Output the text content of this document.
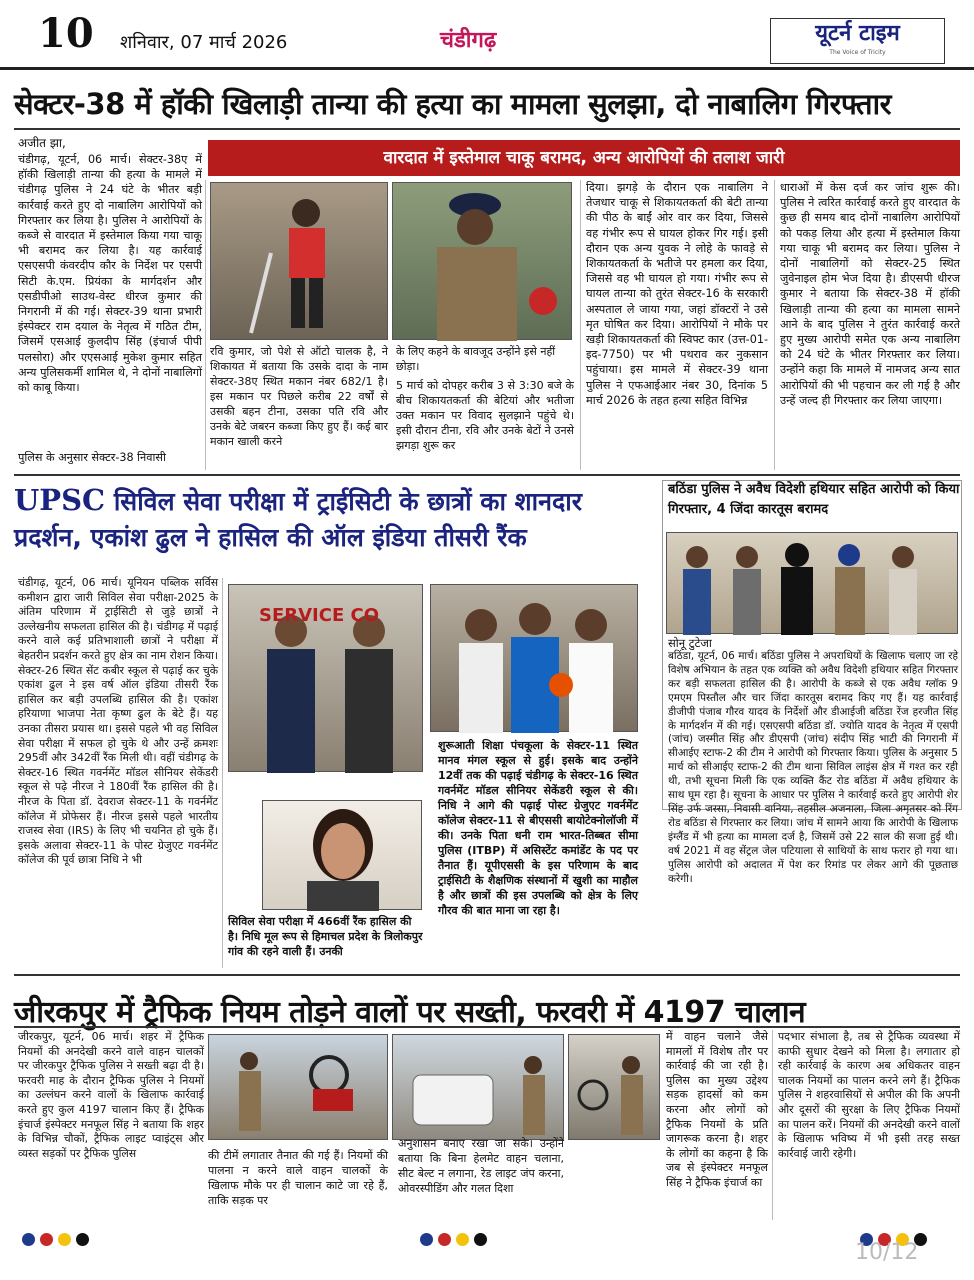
10 शनिवार, 07 मार्च 2026	चंडीगढ़	यूटर्न टाइम
The Voice of Tricity
सेक्टर-38 में हॉकी खिलाड़ी तान्या की हत्या का मामला सुलझा, दो नाबालिग गिरफ्तार
वारदात में इस्तेमाल चाकू बरामद, अन्य आरोपियों की तलाश जारी
अजीत झा,
चंडीगढ़, यूटर्न, 06 मार्च। सेक्टर-38ए में हॉकी खिलाड़ी तान्या की हत्या के मामले में चंडीगढ़ पुलिस ने 24 घंटे के भीतर बड़ी कार्रवाई करते हुए दो नाबालिग आरोपियों को गिरफ्तार कर लिया है। पुलिस ने आरोपियों के कब्जे से वारदात में इस्तेमाल किया गया चाकू भी बरामद कर लिया है। यह कार्रवाई एसएसपी कंवरदीप कौर के निर्देश पर एसपी सिटी के.एम. प्रियंका के मार्गदर्शन और एसडीपीओ साउथ-वेस्ट धीरज कुमार की निगरानी में की गई। सेक्टर-39 थाना प्रभारी इंस्पेक्टर राम दयाल के नेतृत्व में गठित टीम, जिसमें एसआई कुलदीप सिंह (इंचार्ज पीपी पलसोरा) और एएसआई मुकेश कुमार सहित अन्य पुलिसकर्मी शामिल थे, ने दोनों नाबालिगों को काबू किया।
पुलिस के अनुसार सेक्टर-38 निवासी
रवि कुमार, जो पेशे से ऑटो चालक है, ने शिकायत में बताया कि उसके दादा के नाम सेक्टर-38ए स्थित मकान नंबर 682/1 है। इस मकान पर पिछले करीब 22 वर्षों से उसकी बहन टीना, उसका पति रवि और उनके बेटे जबरन कब्जा किए हुए हैं। कई बार मकान खाली करने
के लिए कहने के बावजूद उन्होंने इसे नहीं छोड़ा।
5 मार्च को दोपहर करीब 3 से 3:30 बजे के बीच शिकायतकर्ता की बेटियां और भतीजा उक्त मकान पर विवाद सुलझाने पहुंचे थे। इसी दौरान टीना, रवि और उनके बेटों ने उनसे झगड़ा शुरू कर
दिया। झगड़े के दौरान एक नाबालिग ने तेजधार चाकू से शिकायतकर्ता की बेटी तान्या की पीठ के बाईं ओर वार कर दिया, जिससे वह गंभीर रूप से घायल होकर गिर गई। इसी दौरान एक अन्य युवक ने लोहे के फावड़े से शिकायतकर्ता के भतीजे पर हमला कर दिया, जिससे वह भी घायल हो गया। गंभीर रूप से घायल तान्या को तुरंत सेक्टर-16 के सरकारी अस्पताल ले जाया गया, जहां डॉक्टरों ने उसे मृत घोषित कर दिया। आरोपियों ने मौके पर खड़ी शिकायतकर्ता की स्विफ्ट कार (उत्त-01-इद-7750) पर भी पथराव कर नुकसान पहुंचाया। इस मामले में सेक्टर-39 थाना पुलिस ने एफआईआर नंबर 30, दिनांक 5 मार्च 2026 के तहत हत्या सहित विभिन्न
धाराओं में केस दर्ज कर जांच शुरू की। पुलिस ने त्वरित कार्रवाई करते हुए वारदात के कुछ ही समय बाद दोनों नाबालिग आरोपियों को पकड़ लिया और हत्या में इस्तेमाल किया गया चाकू भी बरामद कर लिया। पुलिस ने दोनों नाबालिगों को सेक्टर-25 स्थित जुवेनाइल होम भेज दिया है। डीएसपी धीरज कुमार ने बताया कि सेक्टर-38 में हॉकी खिलाड़ी तान्या की हत्या का मामला सामने आने के बाद पुलिस ने तुरंत कार्रवाई करते हुए मुख्य आरोपी समेत एक अन्य नाबालिग को 24 घंटे के भीतर गिरफ्तार कर लिया। उन्होंने कहा कि मामले में नामजद अन्य सात आरोपियों की भी पहचान कर ली गई है और उन्हें जल्द ही गिरफ्तार कर लिया जाएगा।
UPSC सिविल सेवा परीक्षा में ट्राईसिटी के छात्रों का शानदार प्रदर्शन, एकांश ढुल ने हासिल की ऑल इंडिया तीसरी रैंक
चंडीगढ़, यूटर्न, 06 मार्च। यूनियन पब्लिक सर्विस कमीशन द्वारा जारी सिविल सेवा परीक्षा-2025 के अंतिम परिणाम में ट्राईसिटी से जुड़े छात्रों ने उल्लेखनीय सफलता हासिल की है। चंडीगढ़ में पढ़ाई करने वाले कई प्रतिभाशाली छात्रों ने परीक्षा में बेहतरीन प्रदर्शन करते हुए क्षेत्र का नाम रोशन किया। सेक्टर-26 स्थित सेंट कबीर स्कूल से पढ़ाई कर चुके एकांश ढुल ने इस वर्ष ऑल इंडिया तीसरी रैंक हासिल कर बड़ी उपलब्धि हासिल की है। एकांश हरियाणा भाजपा नेता कृष्ण ढुल के बेटे हैं। यह उनका तीसरा प्रयास था। इससे पहले भी वह सिविल सेवा परीक्षा में सफल हो चुके थे और उन्हें क्रमशः 295वीं और 342वीं रैंक मिली थी। वहीं चंडीगढ़ के सेक्टर-16 स्थित गवर्नमेंट मॉडल सीनियर सेकेंडरी स्कूल से पढ़े नीरज ने 180वीं रैंक हासिल की है। नीरज के पिता डॉ. देवराज सेक्टर-11 के गवर्नमेंट कॉलेज में प्रोफेसर हैं। नीरज इससे पहले भारतीय राजस्व सेवा (IRS) के लिए भी चयनित हो चुके हैं। इसके अलावा सेक्टर-11 के पोस्ट ग्रेजुएट गवर्नमेंट कॉलेज की पूर्व छात्रा निधि ने भी
SERVICE CO
सिविल सेवा परीक्षा में 466वीं रैंक हासिल की है। निधि मूल रूप से हिमाचल प्रदेश के त्रिलोकपुर गांव की रहने वाली हैं। उनकी
शुरूआती शिक्षा पंचकूला के सेक्टर-11 स्थित मानव मंगल स्कूल से हुई। इसके बाद उन्होंने 12वीं तक की पढ़ाई चंडीगढ़ के सेक्टर-16 स्थित गवर्नमेंट मॉडल सीनियर सेकेंडरी स्कूल से की। निधि ने आगे की पढ़ाई पोस्ट ग्रेजुएट गवर्नमेंट कॉलेज सेक्टर-11 से बीएससी बायोटेक्नोलॉजी में की। उनके पिता धनी राम भारत-तिब्बत सीमा पुलिस (ITBP) में असिस्टेंट कमांडेंट के पद पर तैनात हैं। यूपीएससी के इस परिणाम के बाद ट्राईसिटी के शैक्षणिक संस्थानों में खुशी का माहौल है और छात्रों की इस उपलब्धि को क्षेत्र के लिए गौरव की बात माना जा रहा है।
बठिंडा पुलिस ने अवैध विदेशी हथियार सहित आरोपी को किया गिरफ्तार, 4 जिंदा कारतूस बरामद
सोनू टुटेजा
बठिंडा, यूटर्न, 06 मार्च। बठिंडा पुलिस ने अपराधियों के खिलाफ चलाए जा रहे विशेष अभियान के तहत एक व्यक्ति को अवैध विदेशी हथियार सहित गिरफ्तार कर बड़ी सफलता हासिल की है। आरोपी के कब्जे से एक अवैध ग्लॉक 9 एमएम पिस्तौल और चार जिंदा कारतूस बरामद किए गए हैं। यह कार्रवाई डीजीपी पंजाब गौरव यादव के निर्देशों और डीआईजी बठिंडा रेंज हरजीत सिंह के मार्गदर्शन में की गई। एसएसपी बठिंडा डॉ. ज्योति यादव के नेतृत्व में एसपी (जांच) जस्मीत सिंह और डीएसपी (जांच) संदीप सिंह भाटी की निगरानी में सीआईए स्टाफ-2 की टीम ने आरोपी को गिरफ्तार किया। पुलिस के अनुसार 5 मार्च को सीआईए स्टाफ-2 की टीम थाना सिविल लाइंस क्षेत्र में गश्त कर रही थी, तभी सूचना मिली कि एक व्यक्ति कैंट रोड बठिंडा में अवैध हथियार के साथ घूम रहा है। सूचना के आधार पर पुलिस ने कार्रवाई करते हुए आरोपी शेर सिंह उर्फ जस्सा, निवासी वानिया, तहसील अजनाला, जिला अमृतसर को रिंग रोड बठिंडा से गिरफ्तार कर लिया। जांच में सामने आया कि आरोपी के खिलाफ इंग्लैंड में भी हत्या का मामला दर्ज है, जिसमें उसे 22 साल की सजा हुई थी। वर्ष 2021 में वह सेंट्रल जेल पटियाला से साथियों के साथ फरार हो गया था। पुलिस आरोपी को अदालत में पेश कर रिमांड पर लेकर आगे की पूछताछ करेगी।
जीरकपुर में ट्रैफिक नियम तोड़ने वालों पर सख्ती, फरवरी में 4197 चालान
जीरकपुर, यूटर्न, 06 मार्च। शहर में ट्रैफिक नियमों की अनदेखी करने वाले वाहन चालकों पर जीरकपुर ट्रैफिक पुलिस ने सख्ती बढ़ा दी है। फरवरी माह के दौरान ट्रैफिक पुलिस ने नियमों का उल्लंघन करने वालों के खिलाफ कार्रवाई करते हुए कुल 4197 चालान किए हैं। ट्रैफिक इंचार्ज इंस्पेक्टर मनफूल सिंह ने बताया कि शहर के विभिन्न चौकों, ट्रैफिक लाइट प्वाइंट्स और व्यस्त सड़कों पर ट्रैफिक पुलिस	की टीमें लगातार तैनात की गई हैं। नियमों की पालना न करने वाले वाहन चालकों के खिलाफ मौके पर ही चालान काटे जा रहे हैं, ताकि सड़क पर
अनुशासन बनाए रखा जा सके। उन्होंने बताया कि बिना हेलमेट वाहन चलाना, सीट बेल्ट न लगाना, रेड लाइट जंप करना, ओवरस्पीडिंग और गलत दिशा
में वाहन चलाने जैसे मामलों में विशेष तौर पर कार्रवाई की जा रही है। पुलिस का मुख्य उद्देश्य सड़क हादसों को कम करना और लोगों को ट्रैफिक नियमों के प्रति जागरूक करना है। शहर के लोगों का कहना है कि जब से इंस्पेक्टर मनफूल सिंह ने ट्रैफिक इंचार्ज का
पदभार संभाला है, तब से ट्रैफिक व्यवस्था में काफी सुधार देखने को मिला है। लगातार हो रही कार्रवाई के कारण अब अधिकतर वाहन चालक नियमों का पालन करने लगे हैं। ट्रैफिक पुलिस ने शहरवासियों से अपील की कि अपनी और दूसरों की सुरक्षा के लिए ट्रैफिक नियमों का पालन करें। नियमों की अनदेखी करने वालों के खिलाफ भविष्य में भी इसी तरह सख्त कार्रवाई जारी रहेगी।
10/12
